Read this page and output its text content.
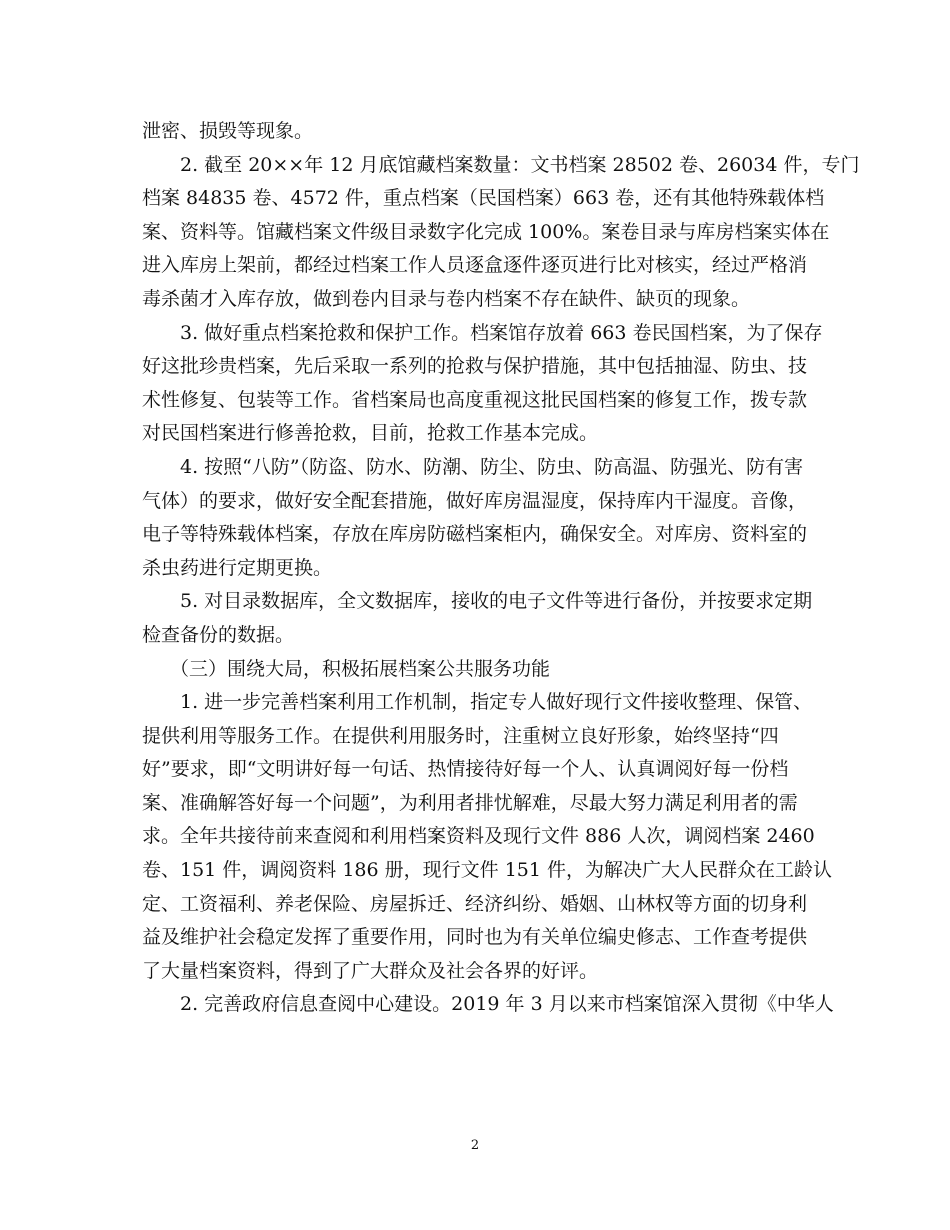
泄密、损毁等现象。
2. 截至 20××年 12 月底馆藏档案数量：文书档案 28502 卷、26034 件，专门
档案 84835 卷、4572 件，重点档案（民国档案）663 卷，还有其他特殊载体档
案、资料等。馆藏档案文件级目录数字化完成 100%。案卷目录与库房档案实体在
进入库房上架前，都经过档案工作人员逐盒逐件逐页进行比对核实，经过严格消
毒杀菌才入库存放，做到卷内目录与卷内档案不存在缺件、缺页的现象。
3. 做好重点档案抢救和保护工作。档案馆存放着 663 卷民国档案，为了保存
好这批珍贵档案，先后采取一系列的抢救与保护措施，其中包括抽湿、防虫、技
术性修复、包装等工作。省档案局也高度重视这批民国档案的修复工作，拨专款
对民国档案进行修善抢救，目前，抢救工作基本完成。
4. 按照“八防”（防盗、防水、防潮、防尘、防虫、防高温、防强光、防有害
气体）的要求，做好安全配套措施，做好库房温湿度，保持库内干湿度。音像，
电子等特殊载体档案，存放在库房防磁档案柜内，确保安全。对库房、资料室的
杀虫药进行定期更换。
5. 对目录数据库，全文数据库，接收的电子文件等进行备份，并按要求定期
检查备份的数据。
（三）围绕大局，积极拓展档案公共服务功能
1. 进一步完善档案利用工作机制，指定专人做好现行文件接收整理、保管、
提供利用等服务工作。在提供利用服务时，注重树立良好形象，始终坚持“四
好”要求，即“文明讲好每一句话、热情接待好每一个人、认真调阅好每一份档
案、准确解答好每一个问题”，为利用者排忧解难，尽最大努力满足利用者的需
求。全年共接待前来查阅和利用档案资料及现行文件 886 人次，调阅档案 2460
卷、151 件，调阅资料 186 册，现行文件 151 件，为解决广大人民群众在工龄认
定、工资福利、养老保险、房屋拆迁、经济纠纷、婚姻、山林权等方面的切身利
益及维护社会稳定发挥了重要作用，同时也为有关单位编史修志、工作查考提供
了大量档案资料，得到了广大群众及社会各界的好评。
2. 完善政府信息查阅中心建设。2019 年 3 月以来市档案馆深入贯彻《中华人
2
